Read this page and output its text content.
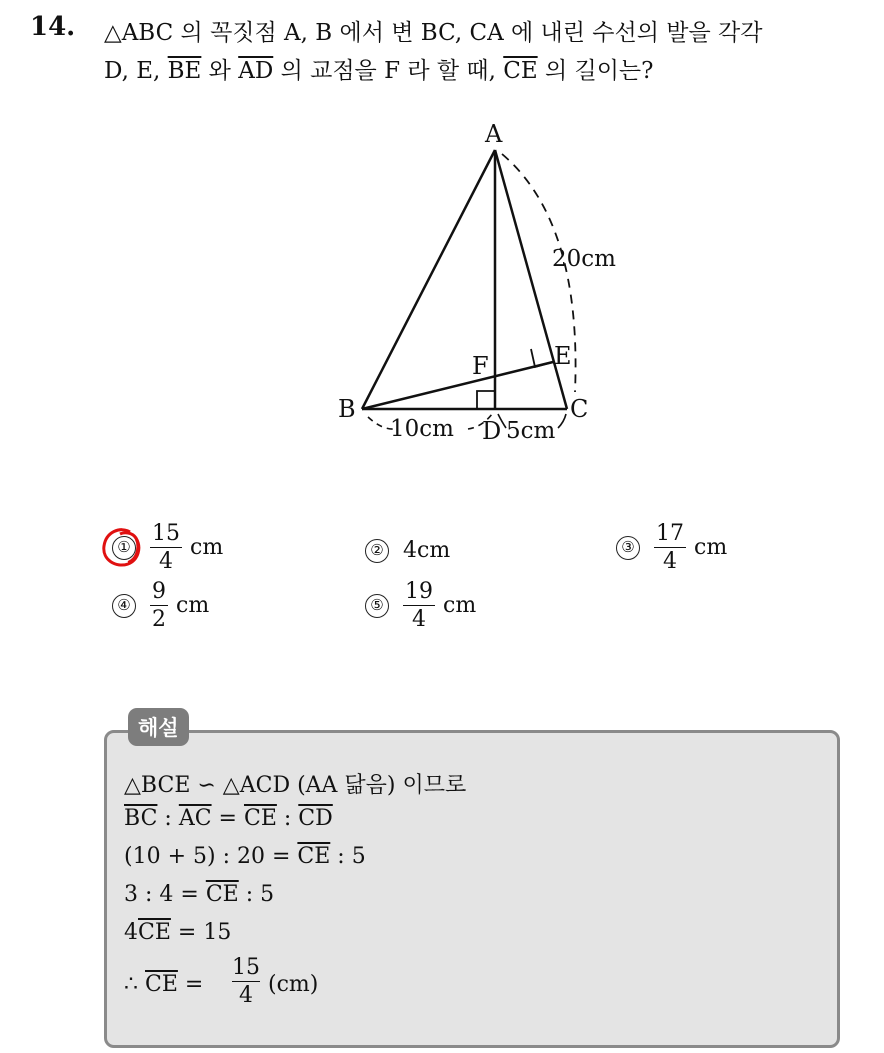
14. △ABC 의 꼭짓점 A, B 에서 변 BC, CA 에 내린 수선의 발을 각각
D, E, $\overline{BE}$ 와 $\overline{AD}$ 의 교점을 F 라 할 때, $\overline{CE}$ 의 길이는?
A
B	C
D
E
F
20cm
10cm 5cm
① $\frac{15}{4}$ cm	② 4cm	③ $\frac{17}{4}$ cm
④ $\frac{9}{2}$ cm	⑤ $\frac{19}{4}$ cm
해설
△BCE ∽ △ACD (AA 닮음) 이므로
$\overline{BC}$ : $\overline{AC} = \overline{CE}$ : $\overline{CD}$
(10 + 5) : $20 = \overline{CE}$ : 5
3 : $4 = \overline{CE}$ : 5
$4\overline{CE} = 15$
∴ $\overline{CE}$ =
15
4 (cm)
